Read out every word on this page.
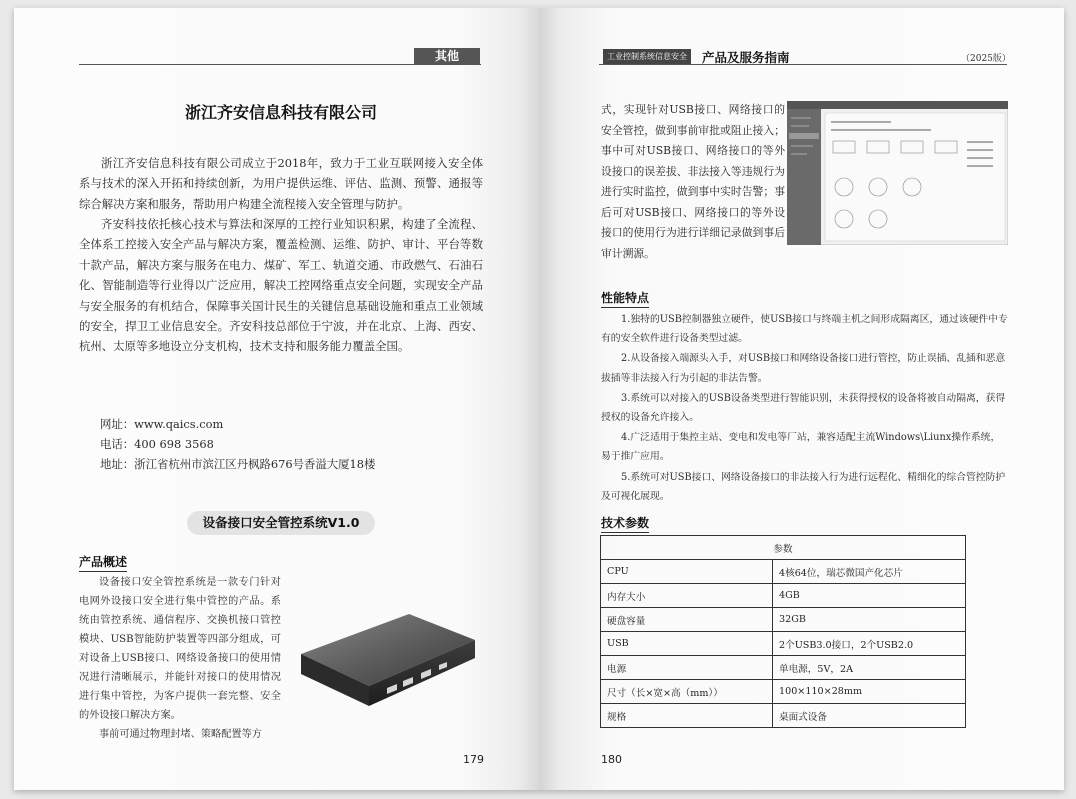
其他
浙江齐安信息科技有限公司
浙江齐安信息科技有限公司成立于2018年，致力于工业互联网接入安全体系与技术的深入开拓和持续创新，为用户提供运维、评估、监测、预警、通报等综合解决方案和服务，帮助用户构建全流程接入安全管理与防护。
齐安科技依托核心技术与算法和深厚的工控行业知识积累，构建了全流程、全体系工控接入安全产品与解决方案，覆盖检测、运维、防护、审计、平台等数十款产品，解决方案与服务在电力、煤矿、军工、轨道交通、市政燃气、石油石化、智能制造等行业得以广泛应用，解决工控网络重点安全问题，实现安全产品与安全服务的有机结合，保障事关国计民生的关键信息基础设施和重点工业领域的安全，捍卫工业信息安全。齐安科技总部位于宁波，并在北京、上海、西安、杭州、太原等多地设立分支机构，技术支持和服务能力覆盖全国。
网址：www.qaics.com
电话：400 698 3568
地址：浙江省杭州市滨江区丹枫路676号香溢大厦18楼
设备接口安全管控系统V1.0
产品概述
设备接口安全管控系统是一款专门针对电网外设接口安全进行集中管控的产品。系统由管控系统、通信程序、交换机接口管控模块、USB智能防护装置等四部分组成，可对设备上USB接口、网络设备接口的使用情况进行清晰展示，并能针对接口的使用情况进行集中管控，为客户提供一套完整、安全的外设接口解决方案。
事前可通过物理封堵、策略配置等方
179
工业控制系统信息安全	产品及服务指南	（2025版）
式，实现针对USB接口、网络接口的安全管控，做到事前审批或阻止接入；事中可对USB接口、网络接口的等外设接口的误差拔、非法接入等违规行为进行实时监控，做到事中实时告警；事后可对USB接口、网络接口的等外设接口的使用行为进行详细记录做到事后审计溯源。
性能特点

1.独特的USB控制器独立硬件，使USB接口与终端主机之间形成隔离区，通过该硬件中专有的安全软件进行设备类型过滤。

2.从设备接入端源头入手，对USB接口和网络设备接口进行管控，防止误插、乱插和恶意拔插等非法接入行为引起的非法告警。

3.系统可以对接入的USB设备类型进行智能识别，未获得授权的设备将被自动隔离，获得授权的设备允许接入。

4.广泛适用于集控主站、变电和发电等厂站，兼容适配主流Windows\Liunx操作系统，易于推广应用。

5.系统可对USB接口、网络设备接口的非法接入行为进行远程化、精细化的综合管控防护及可视化展现。

技术参数
参数	
CPU	4核64位，瑞芯微国产化芯片
内存大小	4GB
硬盘容量	32GB
USB	2个USB3.0接口，2个USB2.0
电源	单电源，5V，2A
尺寸（长×宽×高（mm））	100×110×28mm
规格	桌面式设备
180
